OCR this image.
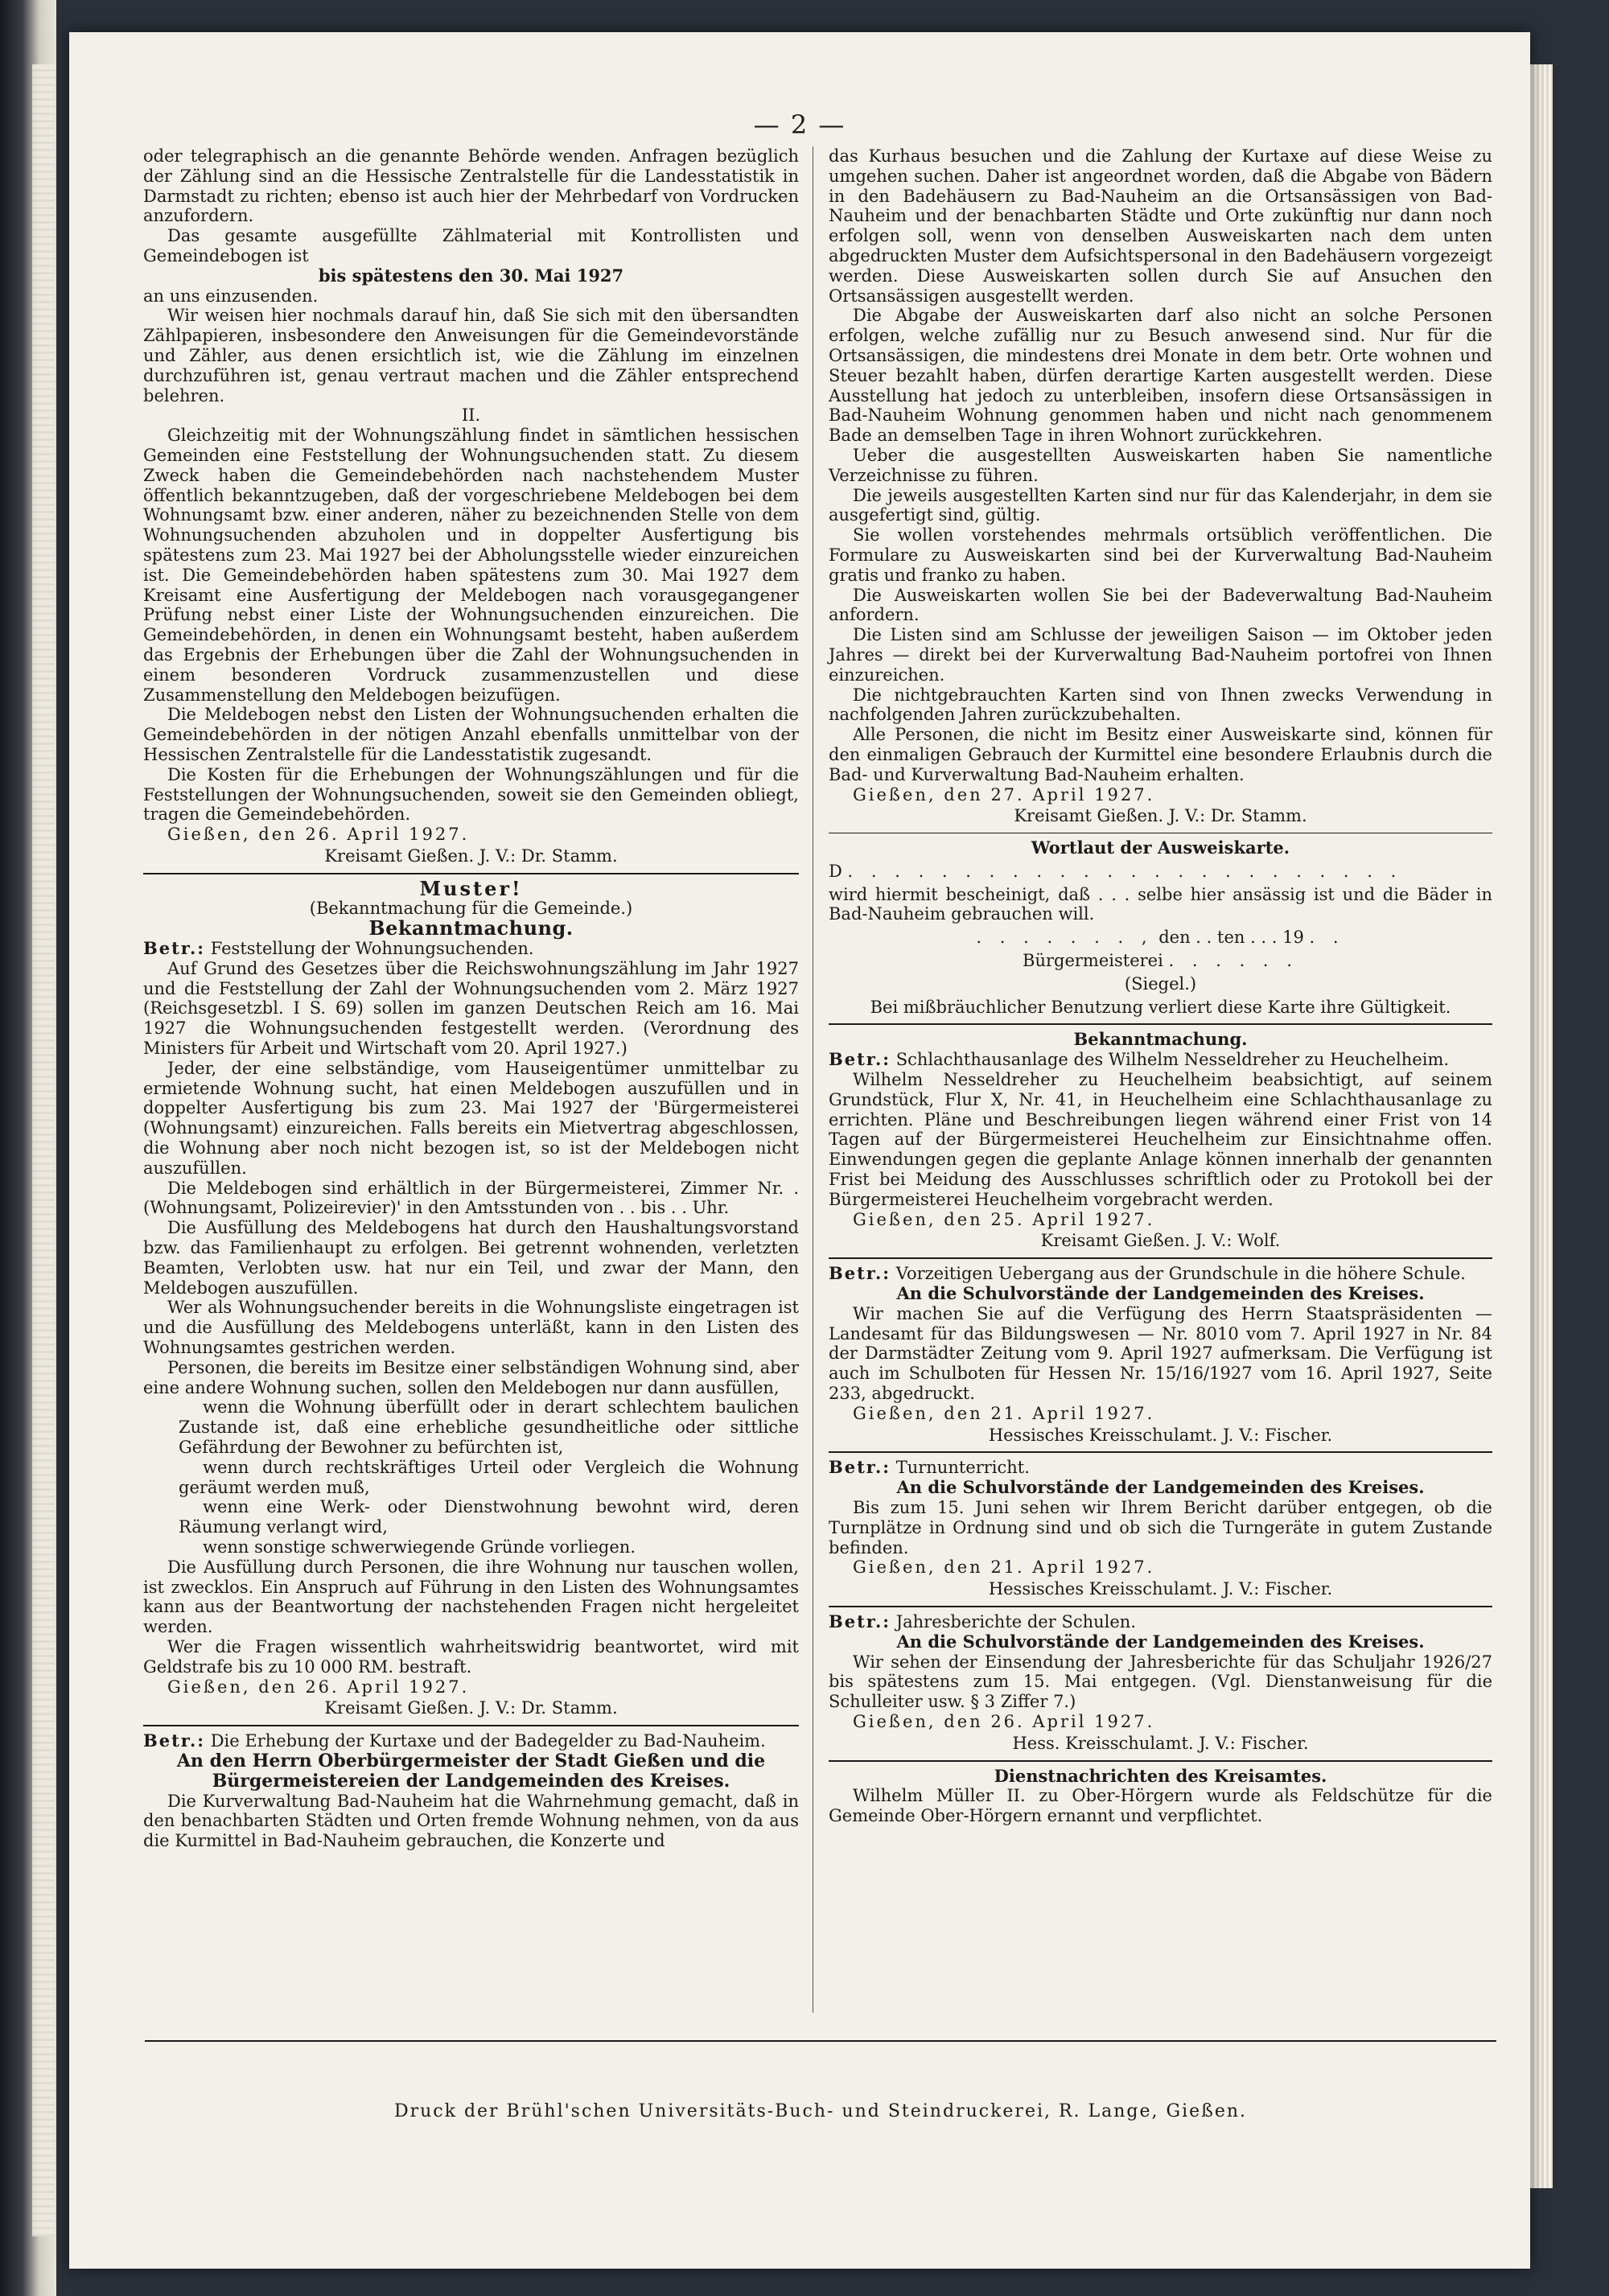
— 2 —

oder telegraphisch an die genannte Behörde wenden. Anfragen bezüglich der Zählung sind an die Hessische Zentralstelle für die Landesstatistik in Darmstadt zu richten; ebenso ist auch hier der Mehrbedarf von Vordrucken anzufordern.

Das gesamte ausgefüllte Zählmaterial mit Kontrollisten und Gemeindebogen ist

bis spätestens den 30. Mai 1927

an uns einzusenden.

Wir weisen hier nochmals darauf hin, daß Sie sich mit den übersandten Zählpapieren, insbesondere den Anweisungen für die Gemeindevorstände und Zähler, aus denen ersichtlich ist, wie die Zählung im einzelnen durchzuführen ist, genau vertraut machen und die Zähler entsprechend belehren.

II.

Gleichzeitig mit der Wohnungszählung findet in sämtlichen hessischen Gemeinden eine Feststellung der Wohnungsuchenden statt. Zu diesem Zweck haben die Gemeindebehörden nach nachstehendem Muster öffentlich bekanntzugeben, daß der vorgeschriebene Meldebogen bei dem Wohnungsamt bzw. einer anderen, näher zu bezeichnenden Stelle von dem Wohnungsuchenden abzuholen und in doppelter Ausfertigung bis spätestens zum 23. Mai 1927 bei der Abholungsstelle wieder einzureichen ist. Die Gemeindebehörden haben spätestens zum 30. Mai 1927 dem Kreisamt eine Ausfertigung der Meldebogen nach vorausgegangener Prüfung nebst einer Liste der Wohnungsuchenden einzureichen. Die Gemeindebehörden, in denen ein Wohnungsamt besteht, haben außerdem das Ergebnis der Erhebungen über die Zahl der Wohnungsuchenden in einem besonderen Vordruck zusammenzustellen und diese Zusammenstellung den Meldebogen beizufügen.

Die Meldebogen nebst den Listen der Wohnungsuchenden erhalten die Gemeindebehörden in der nötigen Anzahl ebenfalls unmittelbar von der Hessischen Zentralstelle für die Landesstatistik zugesandt.

Die Kosten für die Erhebungen der Wohnungszählungen und für die Feststellungen der Wohnungsuchenden, soweit sie den Gemeinden obliegt, tragen die Gemeindebehörden.

Gießen, den 26. April 1927.

Kreisamt Gießen. J. V.: Dr. Stamm.

Muster!

(Bekanntmachung für die Gemeinde.)

Bekanntmachung.

Betr.: Feststellung der Wohnungsuchenden.

Auf Grund des Gesetzes über die Reichswohnungszählung im Jahr 1927 und die Feststellung der Zahl der Wohnungsuchenden vom 2. März 1927 (Reichsgesetzbl. I S. 69) sollen im ganzen Deutschen Reich am 16. Mai 1927 die Wohnungsuchenden festgestellt werden. (Verordnung des Ministers für Arbeit und Wirtschaft vom 20. April 1927.)

Jeder, der eine selbständige, vom Hauseigentümer unmittelbar zu ermietende Wohnung sucht, hat einen Meldebogen auszufüllen und in doppelter Ausfertigung bis zum 23. Mai 1927 der 'Bürgermeisterei (Wohnungsamt) einzureichen. Falls bereits ein Mietvertrag abgeschlossen, die Wohnung aber noch nicht bezogen ist, so ist der Meldebogen nicht auszufüllen.

Die Meldebogen sind erhältlich in der Bürgermeisterei, Zimmer Nr. . (Wohnungsamt, Polizeirevier)' in den Amtsstunden von . . bis . . Uhr.

Die Ausfüllung des Meldebogens hat durch den Haushaltungsvorstand bzw. das Familienhaupt zu erfolgen. Bei getrennt wohnenden, verletzten Beamten, Verlobten usw. hat nur ein Teil, und zwar der Mann, den Meldebogen auszufüllen.

Wer als Wohnungsuchender bereits in die Wohnungsliste eingetragen ist und die Ausfüllung des Meldebogens unterläßt, kann in den Listen des Wohnungsamtes gestrichen werden.

Personen, die bereits im Besitze einer selbständigen Wohnung sind, aber eine andere Wohnung suchen, sollen den Meldebogen nur dann ausfüllen,

wenn die Wohnung überfüllt oder in derart schlechtem baulichen Zustande ist, daß eine erhebliche gesundheitliche oder sittliche Gefährdung der Bewohner zu befürchten ist,

wenn durch rechtskräftiges Urteil oder Vergleich die Wohnung geräumt werden muß,

wenn eine Werk- oder Dienstwohnung bewohnt wird, deren Räumung verlangt wird,

wenn sonstige schwerwiegende Gründe vorliegen.

Die Ausfüllung durch Personen, die ihre Wohnung nur tauschen wollen, ist zwecklos. Ein Anspruch auf Führung in den Listen des Wohnungsamtes kann aus der Beantwortung der nachstehenden Fragen nicht hergeleitet werden.

Wer die Fragen wissentlich wahrheitswidrig beantwortet, wird mit Geldstrafe bis zu 10 000 RM. bestraft.

Gießen, den 26. April 1927.

Kreisamt Gießen. J. V.: Dr. Stamm.

Betr.: Die Erhebung der Kurtaxe und der Badegelder zu Bad-Nauheim.

An den Herrn Oberbürgermeister der Stadt Gießen und die Bürgermeistereien der Landgemeinden des Kreises.

Die Kurverwaltung Bad-Nauheim hat die Wahrnehmung gemacht, daß in den benachbarten Städten und Orten fremde Wohnung nehmen, von da aus die Kurmittel in Bad-Nauheim gebrauchen, die Konzerte und

das Kurhaus besuchen und die Zahlung der Kurtaxe auf diese Weise zu umgehen suchen. Daher ist angeordnet worden, daß die Abgabe von Bädern in den Badehäusern zu Bad-Nauheim an die Ortsansässigen von Bad-Nauheim und der benachbarten Städte und Orte zukünftig nur dann noch erfolgen soll, wenn von denselben Ausweiskarten nach dem unten abgedruckten Muster dem Aufsichtspersonal in den Badehäusern vorgezeigt werden. Diese Ausweiskarten sollen durch Sie auf Ansuchen den Ortsansässigen ausgestellt werden.

Die Abgabe der Ausweiskarten darf also nicht an solche Personen erfolgen, welche zufällig nur zu Besuch anwesend sind. Nur für die Ortsansässigen, die mindestens drei Monate in dem betr. Orte wohnen und Steuer bezahlt haben, dürfen derartige Karten ausgestellt werden. Diese Ausstellung hat jedoch zu unterbleiben, insofern diese Ortsansässigen in Bad-Nauheim Wohnung genommen haben und nicht nach genommenem Bade an demselben Tage in ihren Wohnort zurückkehren.

Ueber die ausgestellten Ausweiskarten haben Sie namentliche Verzeichnisse zu führen.

Die jeweils ausgestellten Karten sind nur für das Kalenderjahr, in dem sie ausgefertigt sind, gültig.

Sie wollen vorstehendes mehrmals ortsüblich veröffentlichen. Die Formulare zu Ausweiskarten sind bei der Kurverwaltung Bad-Nauheim gratis und franko zu haben.

Die Ausweiskarten wollen Sie bei der Badeverwaltung Bad-Nauheim anfordern.

Die Listen sind am Schlusse der jeweiligen Saison — im Oktober jeden Jahres — direkt bei der Kurverwaltung Bad-Nauheim portofrei von Ihnen einzureichen.

Die nichtgebrauchten Karten sind von Ihnen zwecks Verwendung in nachfolgenden Jahren zurückzubehalten.

Alle Personen, die nicht im Besitz einer Ausweiskarte sind, können für den einmaligen Gebrauch der Kurmittel eine besondere Erlaubnis durch die Bad- und Kurverwaltung Bad-Nauheim erhalten.

Gießen, den 27. April 1927.

Kreisamt Gießen. J. V.: Dr. Stamm.

Wortlaut der Ausweiskarte.

D . . . . . . . . . . . . . . . . . . . . . . . .

wird hiermit bescheinigt, daß . . . selbe hier ansässig ist und die Bäder in Bad-Nauheim gebrauchen will.

. . . . . . . , den . . ten . . . 19 . .

Bürgermeisterei . . . . . .

(Siegel.)

Bei mißbräuchlicher Benutzung verliert diese Karte ihre Gültigkeit.

Bekanntmachung.

Betr.: Schlachthausanlage des Wilhelm Nesseldreher zu Heuchelheim.

Wilhelm Nesseldreher zu Heuchelheim beabsichtigt, auf seinem Grundstück, Flur X, Nr. 41, in Heuchelheim eine Schlachthausanlage zu errichten. Pläne und Beschreibungen liegen während einer Frist von 14 Tagen auf der Bürgermeisterei Heuchelheim zur Einsichtnahme offen. Einwendungen gegen die geplante Anlage können innerhalb der genannten Frist bei Meidung des Ausschlusses schriftlich oder zu Protokoll bei der Bürgermeisterei Heuchelheim vorgebracht werden.

Gießen, den 25. April 1927.

Kreisamt Gießen. J. V.: Wolf.

Betr.: Vorzeitigen Uebergang aus der Grundschule in die höhere Schule.

An die Schulvorstände der Landgemeinden des Kreises.

Wir machen Sie auf die Verfügung des Herrn Staatspräsidenten — Landesamt für das Bildungswesen — Nr. 8010 vom 7. April 1927 in Nr. 84 der Darmstädter Zeitung vom 9. April 1927 aufmerksam. Die Verfügung ist auch im Schulboten für Hessen Nr. 15/16/1927 vom 16. April 1927, Seite 233, abgedruckt.

Gießen, den 21. April 1927.

Hessisches Kreisschulamt. J. V.: Fischer.

Betr.: Turnunterricht.

An die Schulvorstände der Landgemeinden des Kreises.

Bis zum 15. Juni sehen wir Ihrem Bericht darüber entgegen, ob die Turnplätze in Ordnung sind und ob sich die Turngeräte in gutem Zustande befinden.

Gießen, den 21. April 1927.

Hessisches Kreisschulamt. J. V.: Fischer.

Betr.: Jahresberichte der Schulen.

An die Schulvorstände der Landgemeinden des Kreises.

Wir sehen der Einsendung der Jahresberichte für das Schuljahr 1926/27 bis spätestens zum 15. Mai entgegen. (Vgl. Dienstanweisung für die Schulleiter usw. § 3 Ziffer 7.)

Gießen, den 26. April 1927.

Hess. Kreisschulamt. J. V.: Fischer.

Dienstnachrichten des Kreisamtes.

Wilhelm Müller II. zu Ober-Hörgern wurde als Feldschütze für die Gemeinde Ober-Hörgern ernannt und verpflichtet.

Druck der Brühl'schen Universitäts-Buch- und Steindruckerei, R. Lange, Gießen.
